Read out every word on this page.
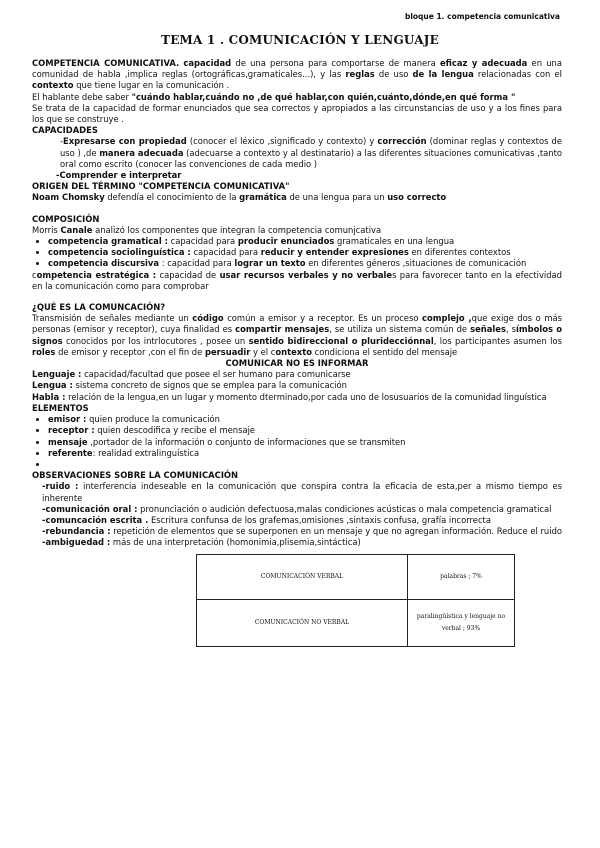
bloque 1. competencia comunicativa
TEMA 1 . COMUNICACIÓN Y LENGUAJE

COMPETENCIA COMUNICATIVA. capacidad de una persona para comportarse de manera eficaz y adecuada en una comunidad de habla ,implica reglas (ortográficas,gramaticales...), y las reglas de uso de la lengua relacionadas con el contexto que tiene lugar en la comunicación .

El hablante debe saber "cuándo hablar,cuándo no ,de qué hablar,con quién,cuánto,dónde,en qué forma "

Se trata de la capacidad de formar enunciados que sea correctos y apropiados a las circunstancias de uso y a los fines para los que se construye .

CAPACIDADES

-Expresarse con propiedad (conocer el léxico ,significado y contexto) y corrección (dominar reglas y contextos de uso ) ,de manera adecuada (adecuarse a contexto y al destinatario) a las diferentes situaciones comunicativas ,tanto oral como escrito (conocer las convenciones de cada medio )

-Comprender e interpretar

ORIGEN DEL TÉRMINO "COMPETENCIA COMUNICATIVA"

Noam Chomsky defendía el conocimiento de la gramática de una lengua para un uso correcto

COMPOSICIÓN

Morris Canale analizó los componentes que integran la competencia comunjcativa

• competencia gramatical : capacidad para producir enunciados gramaticales en una lengua
• competencia sociolinguística : capacidad para reducir y entender expresiones en diferentes contextos
• competencia discursiva : capacidad para lograr un texto en diferentes géneros ,situaciones de comunicación

competencia estratégica : capacidad de usar recursos verbales y no verbales para favorecer tanto en la efectividad en la comunicación como para comprobar

¿QUÉ ES LA COMUNCACIÓN?

Transmisión de señales mediante un código común a emisor y a receptor. Es un proceso complejo ,que exige dos o más personas (emisor y receptor), cuya finalidad es compartir mensajes, se utiliza un sistema común de señales, símbolos o signos conocidos por los intrlocutores , posee un sentido bidireccional o pluridecciónnal, los participantes asumen los roles de emisor y receptor ,con el fin de persuadir y el contexto condiciona el sentido del mensaje

COMUNICAR NO ES INFORMAR

Lenguaje : capacidad/facultad que posee el ser humano para comunicarse

Lengua : sistema concreto de signos que se emplea para la comunicación

Habla : relación de la lengua,en un lugar y momento dterminado,por cada uno de losusuarios de la comunidad linguística

ELEMENTOS

• emisor : quien produce la comunicación
• receptor : quien descodifica y recibe el mensaje
• mensaje ,portador de la información o conjunto de informaciones que se transmiten
• referente: realidad extralinguística
•

OBSERVACIONES SOBRE LA COMUNICACIÓN

-ruido : interferencia indeseable en la comunicación que conspira contra la eficacia de esta,per a mismo tiempo es inherente

-comunicación oral : pronunciación o audición defectuosa,malas condiciones acústicas o mala competencia gramatical

-comuncación escrita . Escritura confunsa de los grafemas,omisiones ,sintaxis confusa, grafía incorrecta

-rebundancia : repetición de elementos que se superponen en un mensaje y que no agregan información. Reduce el ruido

-ambiguedad : más de una interpretación (homonimia,plisemia,sintáctica)

COMUNICACIÓN VERBAL	palabras ; 7%
COMUNICACIÓN NO VERBAL	paralingüística y lenguaje no verbal ; 93%
